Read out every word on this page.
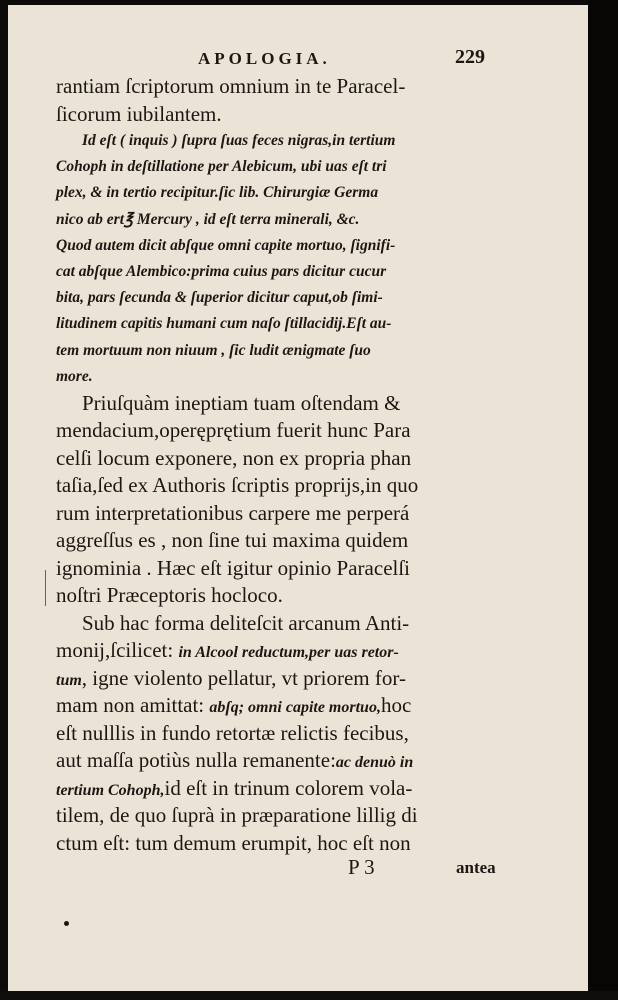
APOLOGIA.	229
rantiam ſcriptorum omnium in te Paracel-
ſicorum iubilantem.
Id eſt ( inquis ) ſupra ſuas feces nigras,in tertium
Cohoph in deſtillatione per Alebicum, ubi uas eſt tri
plex, & in tertio recipitur.ſic lib. Chirurgiæ Germa
nico ab ert℥ Mercury , id eſt terra minerali, &c.
Quod autem dicit abſque omni capite mortuo, ſignifi-
cat abſque Alembico:prima cuius pars dicitur cucur
bita, pars ſecunda & ſuperior dicitur caput,ob ſimi-
litudinem capitis humani cum naſo ſtillacidij.Eſt au-
tem mortuum non niuum , ſic ludit ænigmate ſuo
more.
Priuſquàm ineptiam tuam oſtendam &
mendacium,operęprętium fuerit hunc Para
celſi locum exponere, non ex propria phan
taſia,ſed ex Authoris ſcriptis proprijs,in quo
rum interpretationibus carpere me perperá
aggreſſus es , non ſine tui maxima quidem
ignominia . Hæc eſt igitur opinio Paracelſi
noſtri Præceptoris hocloco.
Sub hac forma deliteſcit arcanum Anti-
monij,ſcilicet: in Alcool reductum,per uas retor-
tum, igne violento pellatur, vt priorem for-
mam non amittat: abſq; omni capite mortuo,hoc
eſt nulllis in fundo retortæ relictis fecibus,
aut maſſa potiùs nulla remanente:ac denuò in
tertium Cohoph,id eſt in trinum colorem vola-
tilem, de quo ſuprà in præparatione lillig di
ctum eſt: tum demum erumpit, hoc eſt non
P 3	antea
